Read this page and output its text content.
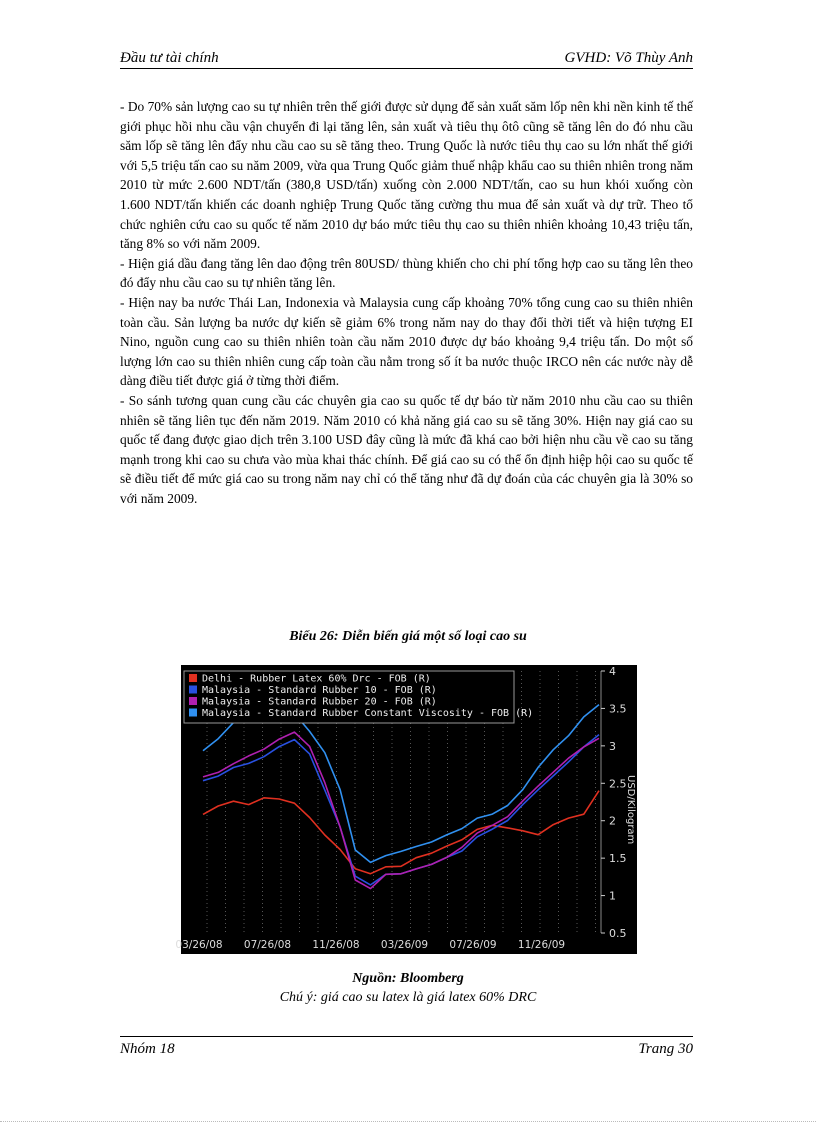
Đầu tư tài chính	GVHD: Võ Thùy Anh

- Do 70% sản lượng cao su tự nhiên trên thế giới được sử dụng để sản xuất săm lốp nên khi nền kinh tế thế giới phục hồi nhu cầu vận chuyển đi lại tăng lên, sản xuất và tiêu thụ ôtô cũng sẽ tăng lên do đó nhu cầu săm lốp sẽ tăng lên đẩy nhu cầu cao su sẽ tăng theo. Trung Quốc là nước tiêu thụ cao su lớn nhất thế giới với 5,5 triệu tấn cao su năm 2009, vừa qua Trung Quốc giảm thuế nhập khẩu cao su thiên nhiên trong năm 2010 từ mức 2.600 NDT/tấn (380,8 USD/tấn) xuống còn 2.000 NDT/tấn, cao su hun khói xuống còn 1.600 NDT/tấn khiến các doanh nghiệp Trung Quốc tăng cường thu mua để sản xuất và dự trữ. Theo tổ chức nghiên cứu cao su quốc tế năm 2010 dự báo mức tiêu thụ cao su thiên nhiên khoảng 10,43 triệu tấn, tăng 8% so với năm 2009.

- Hiện giá dầu đang tăng lên dao động trên 80USD/ thùng khiến cho chi phí tổng hợp cao su tăng lên theo đó đẩy nhu cầu cao su tự nhiên tăng lên.

- Hiện nay ba nước Thái Lan, Indonexia và Malaysia cung cấp khoảng 70% tổng cung cao su thiên nhiên toàn cầu. Sản lượng ba nước dự kiến sẽ giảm 6% trong năm nay do thay đổi thời tiết và hiện tượng EI Nino, nguồn cung cao su thiên nhiên toàn cầu năm 2010 được dự báo khoảng 9,4 triệu tấn. Do một số lượng lớn cao su thiên nhiên cung cấp toàn cầu nằm trong số ít ba nước thuộc IRCO nên các nước này dễ dàng điều tiết được giá ở từng thời điểm.

- So sánh tương quan cung cầu các chuyên gia cao su quốc tế dự báo từ năm 2010 nhu cầu cao su thiên nhiên sẽ tăng liên tục đến năm 2019. Năm 2010 có khả năng giá cao su sẽ tăng 30%. Hiện nay giá cao su quốc tế đang được giao dịch trên 3.100 USD đây cũng là mức đã khá cao bởi hiện nhu cầu về cao su tăng mạnh trong khi cao su chưa vào mùa khai thác chính. Để giá cao su có thể ổn định hiệp hội cao su quốc tế sẽ điều tiết để mức giá cao su trong năm nay chỉ có thể tăng như đã dự đoán của các chuyên gia là 30% so với năm 2009.

Biểu 26: Diễn biến giá một số loại cao su
0.5
1
1.5
2
2.5
3
3.5
4
USD/Kilogram
03/26/08 07/26/08 11/26/08 03/26/09 07/26/09 11/26/09
Delhi - Rubber Latex 60% Drc - FOB (R)
Malaysia - Standard Rubber 10 - FOB (R)
Malaysia - Standard Rubber 20 - FOB (R)
Malaysia - Standard Rubber Constant Viscosity - FOB (R)
Nguồn: Bloomberg
Chú ý: giá cao su latex là giá latex 60% DRC
Nhóm 18	Trang 30
